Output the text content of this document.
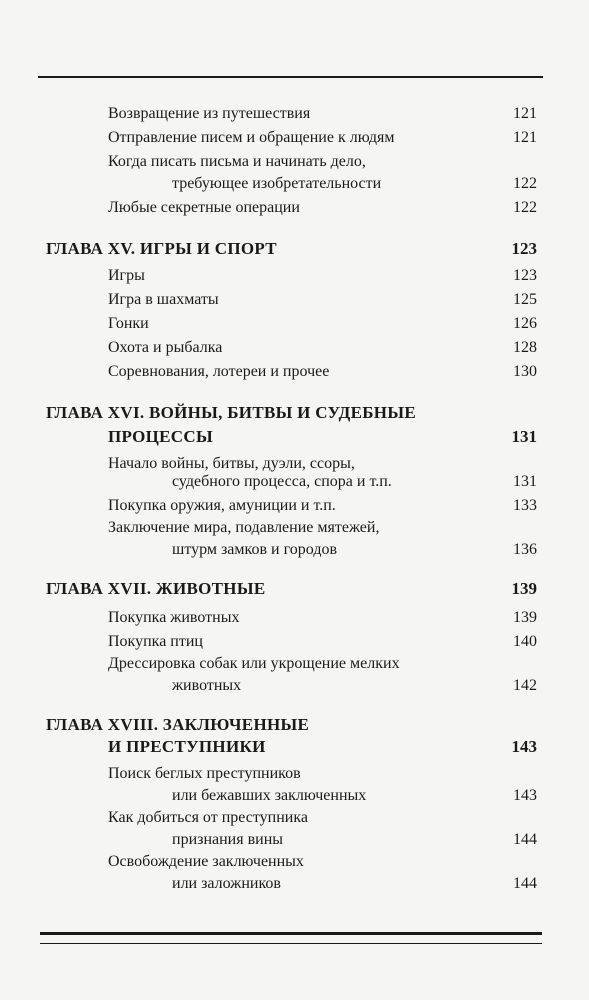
Возвращение из путешествия	121
Отправление писем и обращение к людям	121
Когда писать письма и начинать дело,
требующее изобретательности	122
Любые секретные операции	122
ГЛАВА XV. ИГРЫ И СПОРТ	123
Игры	123
Игра в шахматы	125
Гонки	126
Охота и рыбалка	128
Соревнования, лотереи и прочее	130
ГЛАВА XVI. ВОЙНЫ, БИТВЫ И СУДЕБНЫЕ
ПРОЦЕССЫ	131
Начало войны, битвы, дуэли, ссоры,
судебного процесса, спора и т.п.	131
Покупка оружия, амуниции и т.п.	133
Заключение мира, подавление мятежей,
штурм замков и городов	136
ГЛАВА XVII. ЖИВОТНЫЕ	139
Покупка животных	139
Покупка птиц	140
Дрессировка собак или укрощение мелких
животных	142
ГЛАВА XVIII. ЗАКЛЮЧЕННЫЕ
И ПРЕСТУПНИКИ	143
Поиск беглых преступников
или бежавших заключенных	143
Как добиться от преступника
признания вины	144
Освобождение заключенных
или заложников	144
